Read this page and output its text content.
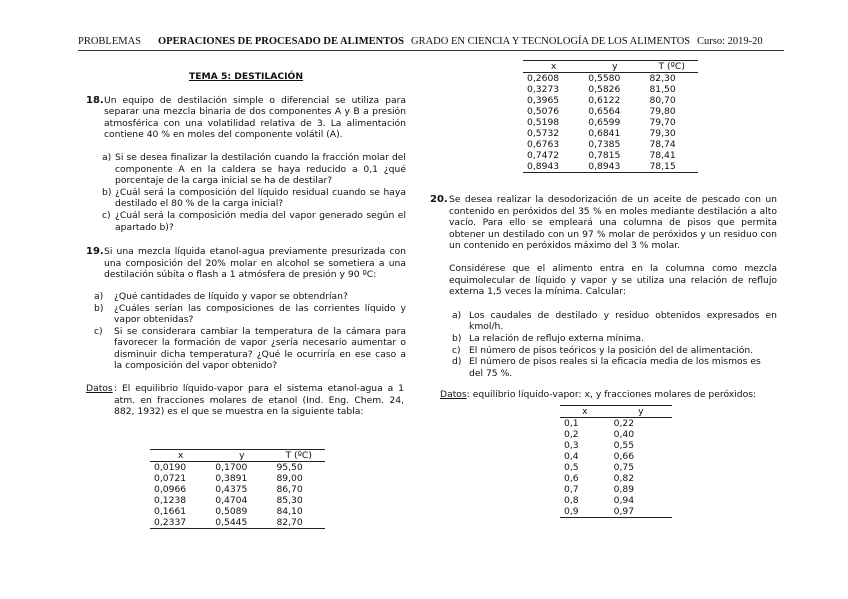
PROBLEMAS OPERACIONES DE PROCESADO DE ALIMENTOS GRADO EN CIENCIA Y TECNOLOGÍA DE LOS ALIMENTOS Curso: 2019-20
TEMA 5: DESTILACIÓN
18. Un equipo de destilación simple o diferencial se utiliza para separar una mezcla binaria de dos componentes A y B a presión atmosférica con una volatilidad relativa de 3. La alimentación contiene 40 % en moles del componente volátil (A).
a) Si se desea finalizar la destilación cuando la fracción molar del componente A en la caldera se haya reducido a 0,1 ¿qué porcentaje de la carga inicial se ha de destilar?
b) ¿Cuál será la composición del líquido residual cuando se haya destilado el 80 % de la carga inicial?
c) ¿Cuál será la composición media del vapor generado según el apartado b)?
19. Si una mezcla líquida etanol-agua previamente presurizada con una composición del 20% molar en alcohol se sometiera a una destilación súbita o flash a 1 atmósfera de presión y 90 ºC:
a) ¿Qué cantidades de líquido y vapor se obtendrían?
b) ¿Cuáles serían las composiciones de las corrientes líquido y vapor obtenidas?
c) Si se considerara cambiar la temperatura de la cámara para favorecer la formación de vapor ¿sería necesario aumentar o disminuir dicha temperatura? ¿Qué le ocurriría en ese caso a la composición del vapor obtenido?
Datos : El equilibrio líquido-vapor para el sistema etanol-agua a 1 atm. en fracciones molares de etanol (Ind. Eng. Chem. 24, 882, 1932) es el que se muestra en la siguiente tabla:
x	y	T (ºC)
0,0190	0,1700	95,50
0,0721	0,3891	89,00
0,0966	0,4375	86,70
0,1238	0,4704	85,30
0,1661	0,5089	84,10
0,2337	0,5445	82,70
x	y	T (ºC)
0,2608	0,5580	82,30
0,3273	0,5826	81,50
0,3965	0,6122	80,70
0,5076	0,6564	79,80
0,5198	0,6599	79,70
0,5732	0,6841	79,30
0,6763	0,7385	78,74
0,7472	0,7815	78,41
0,8943	0,8943	78,15
20. Se desea realizar la desodorización de un aceite de pescado con un contenido en peróxidos del 35 % en moles mediante destilación a alto vacío. Para ello se empleará una columna de pisos que permita obtener un destilado con un 97 % molar de peróxidos y un residuo con un contenido en peróxidos máximo del 3 % molar.
Considérese que el alimento entra en la columna como mezcla equimolecular de líquido y vapor y se utiliza una relación de reflujo externa 1,5 veces la mínima. Calcular:
a) Los caudales de destilado y residuo obtenidos expresados en kmol/h.
b) La relación de reflujo externa mínima.
c) El número de pisos teóricos y la posición del de alimentación.
d) El número de pisos reales si la eficacia media de los mismos es del 75 %.
Datos: equilibrio líquido-vapor: x, y fracciones molares de peróxidos:
x	y
0,1	0,22
0,2	0,40
0,3	0,55
0,4	0,66
0,5	0,75
0,6	0,82
0,7	0,89
0,8	0,94
0,9	0,97
